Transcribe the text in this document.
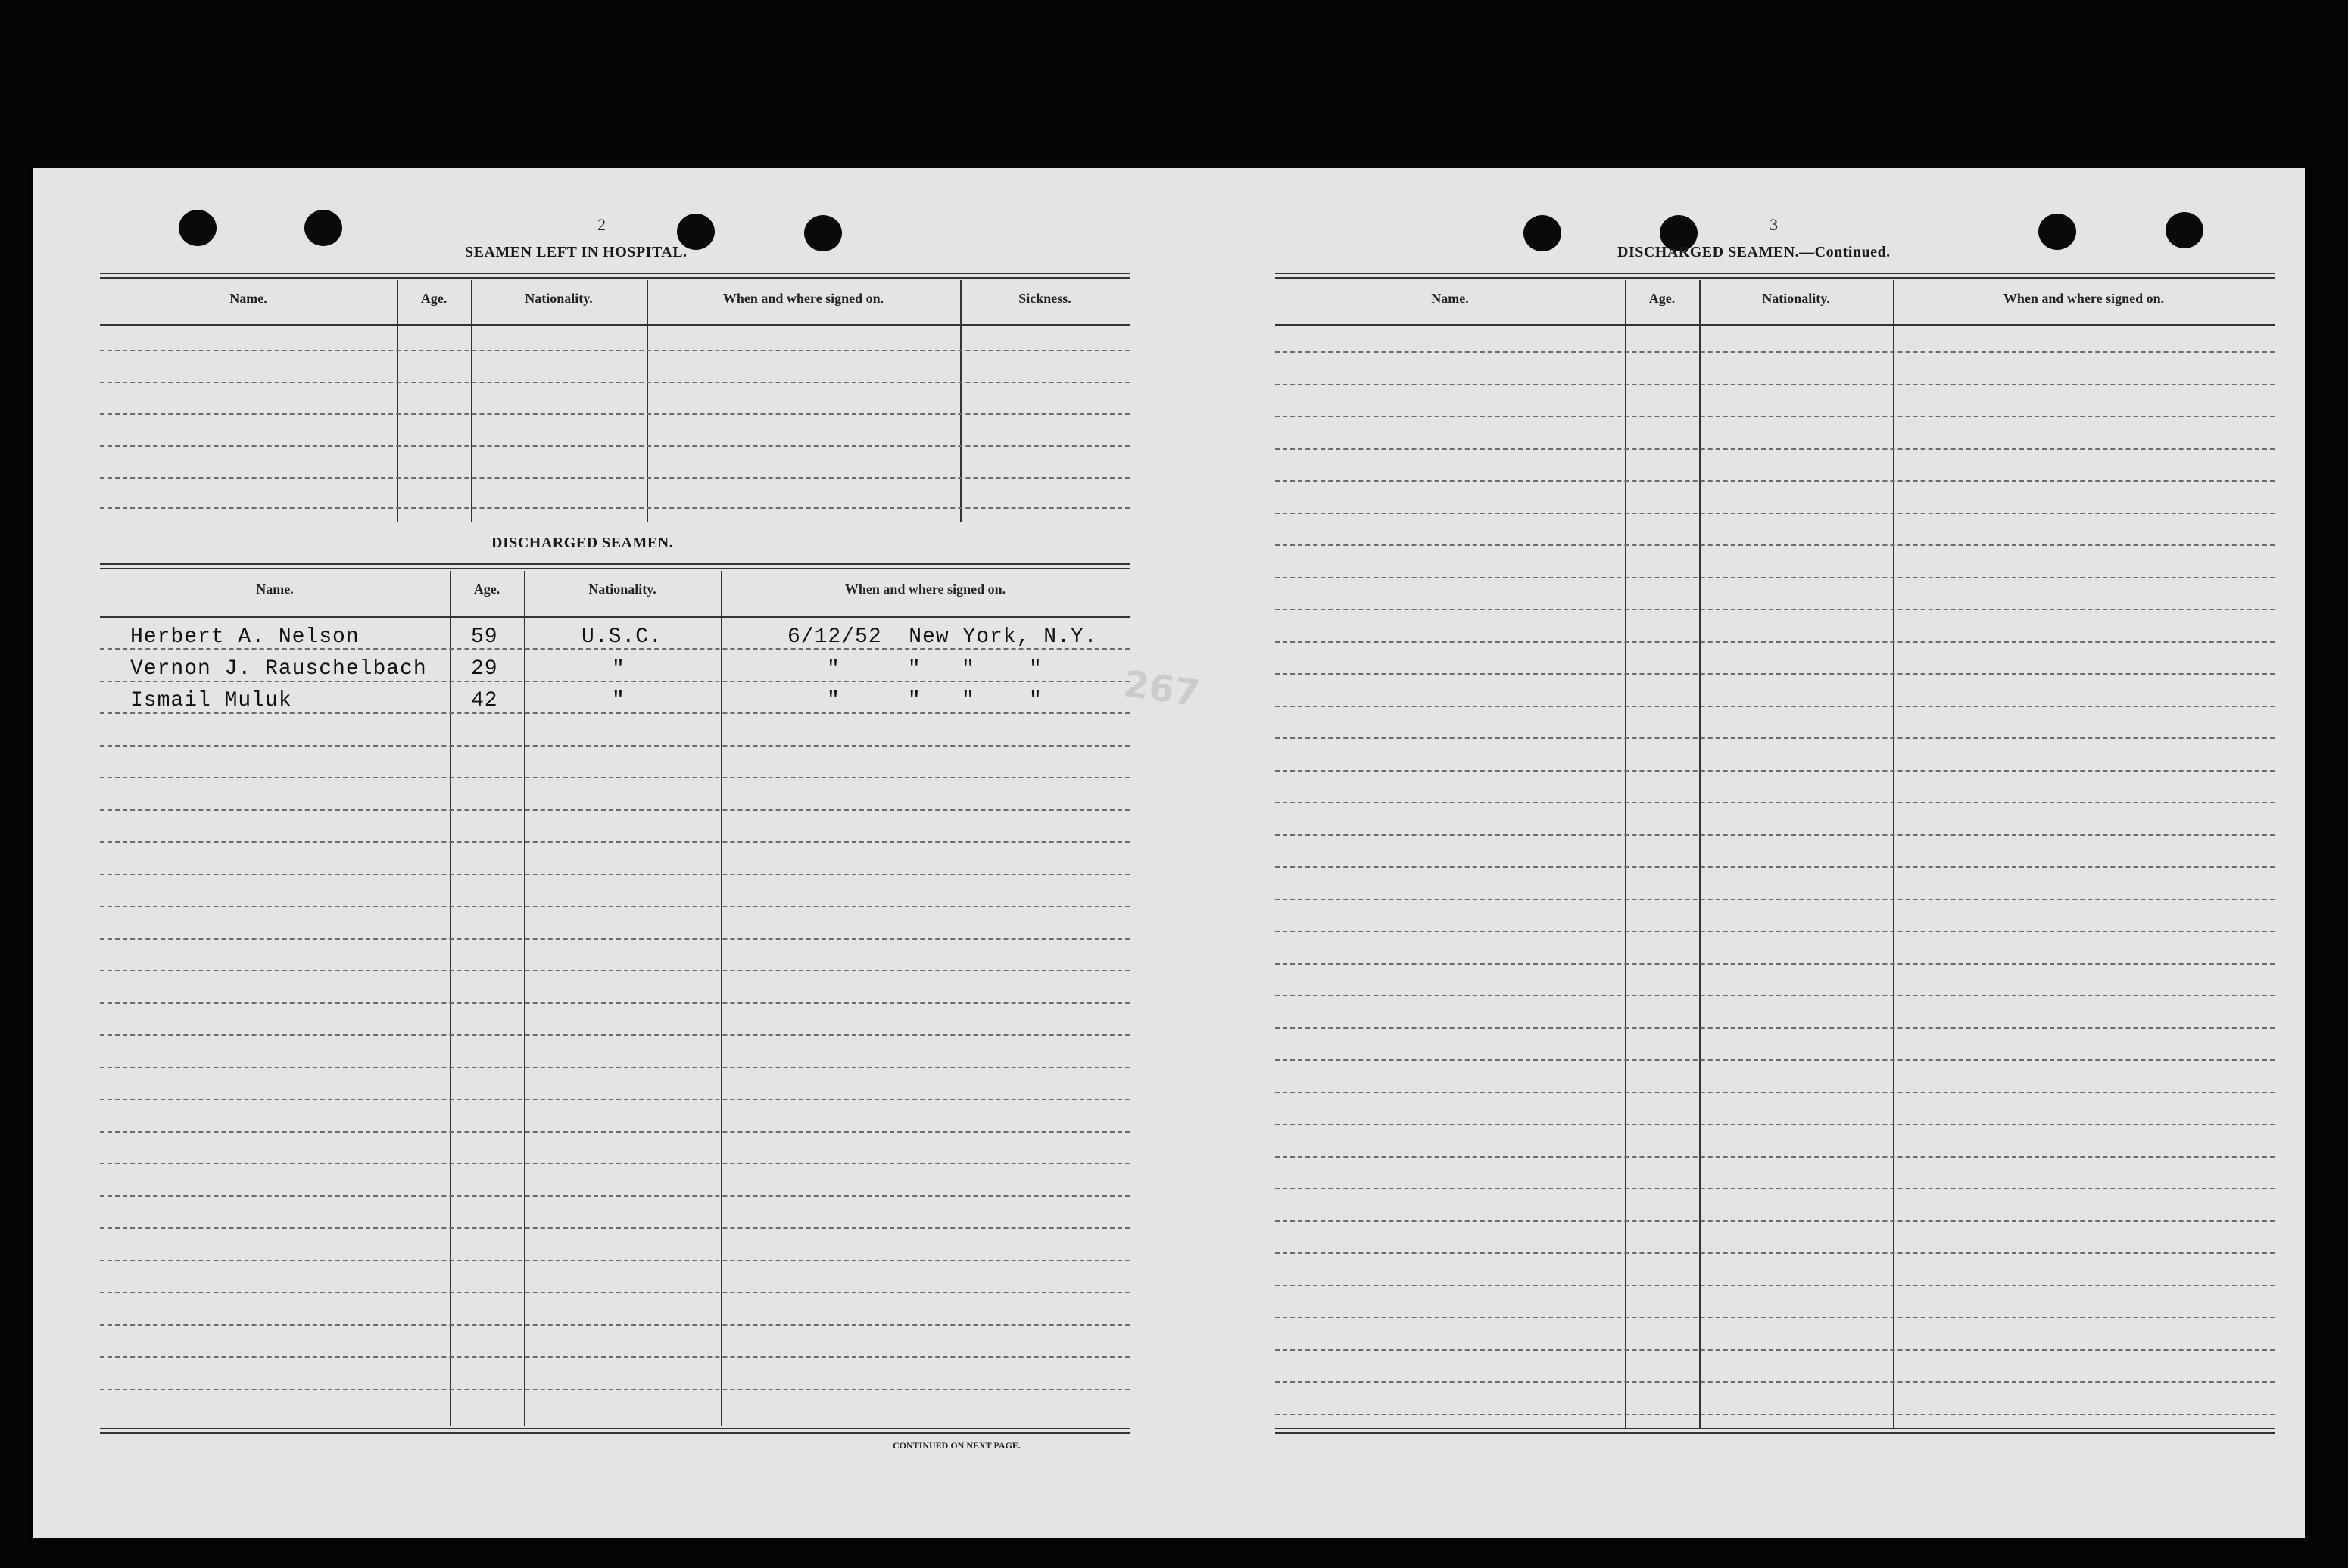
2
SEAMEN LEFT IN HOSPITAL.
Name.	Age.	Nationality.	When and where signed on.	Sickness.
DISCHARGED SEAMEN.
Name.	Age.	Nationality.	When and where signed on.
Herbert A. Nelson	59	U.S.C.	6/12/52  New York, N.Y.
Vernon J. Rauschelbach 29	"	"     "   "    "
Ismail Muluk	42	"	"     "   "    "
CONTINUED ON NEXT PAGE.
267
3
DISCHARGED SEAMEN.—Continued.
Name.	Age.	Nationality.	When and where signed on.
